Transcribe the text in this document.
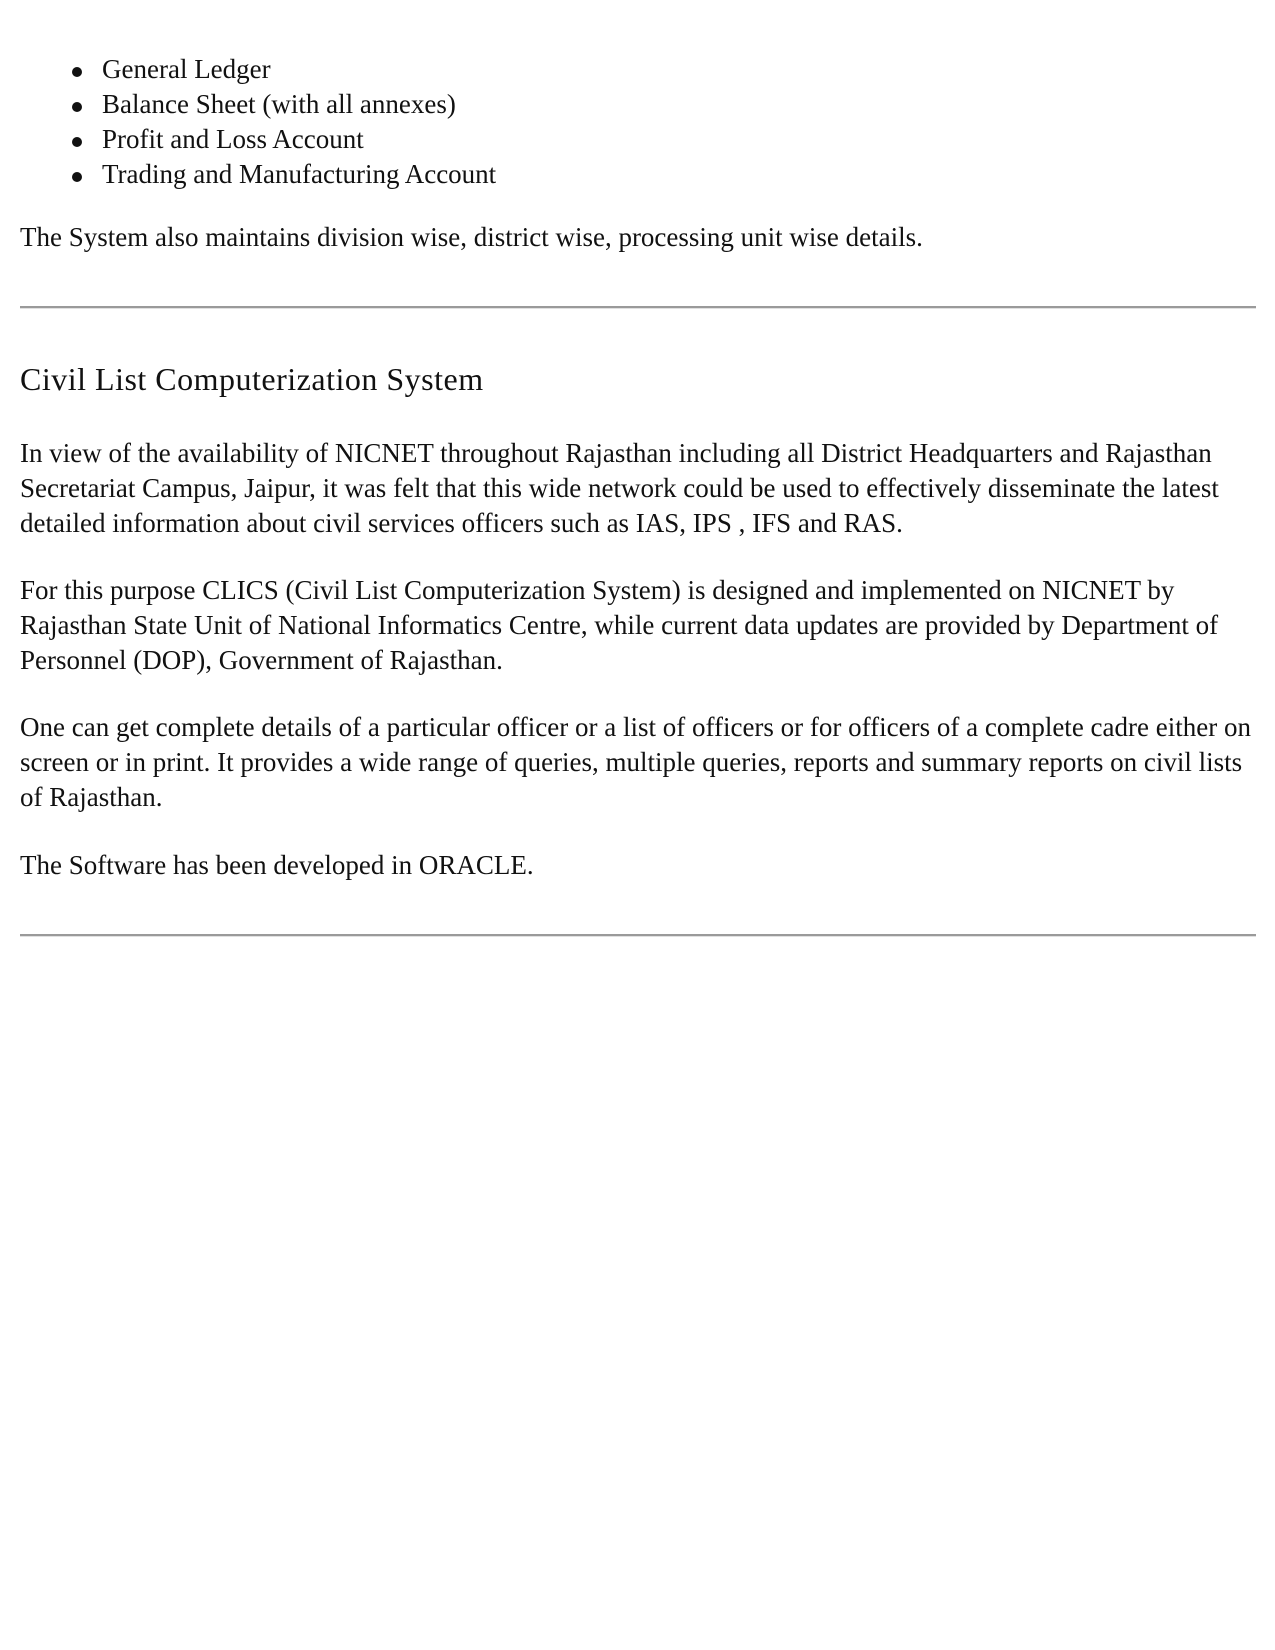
General Ledger
Balance Sheet (with all annexes)
Profit and Loss Account
Trading and Manufacturing Account

The System also maintains division wise, district wise, processing unit wise details.

Civil List Computerization System

In view of the availability of NICNET throughout Rajasthan including all District Headquarters and Rajasthan Secretariat Campus, Jaipur, it was felt that this wide network could be used to effectively disseminate the latest detailed information about civil services officers such as IAS, IPS , IFS and RAS.

For this purpose CLICS (Civil List Computerization System) is designed and implemented on NICNET by Rajasthan State Unit of National Informatics Centre, while current data updates are provided by Department of Personnel (DOP), Government of Rajasthan.

One can get complete details of a particular officer or a list of officers or for officers of a complete cadre either on screen or in print. It provides a wide range of queries, multiple queries, reports and summary reports on civil lists of Rajasthan.

The Software has been developed in ORACLE.
